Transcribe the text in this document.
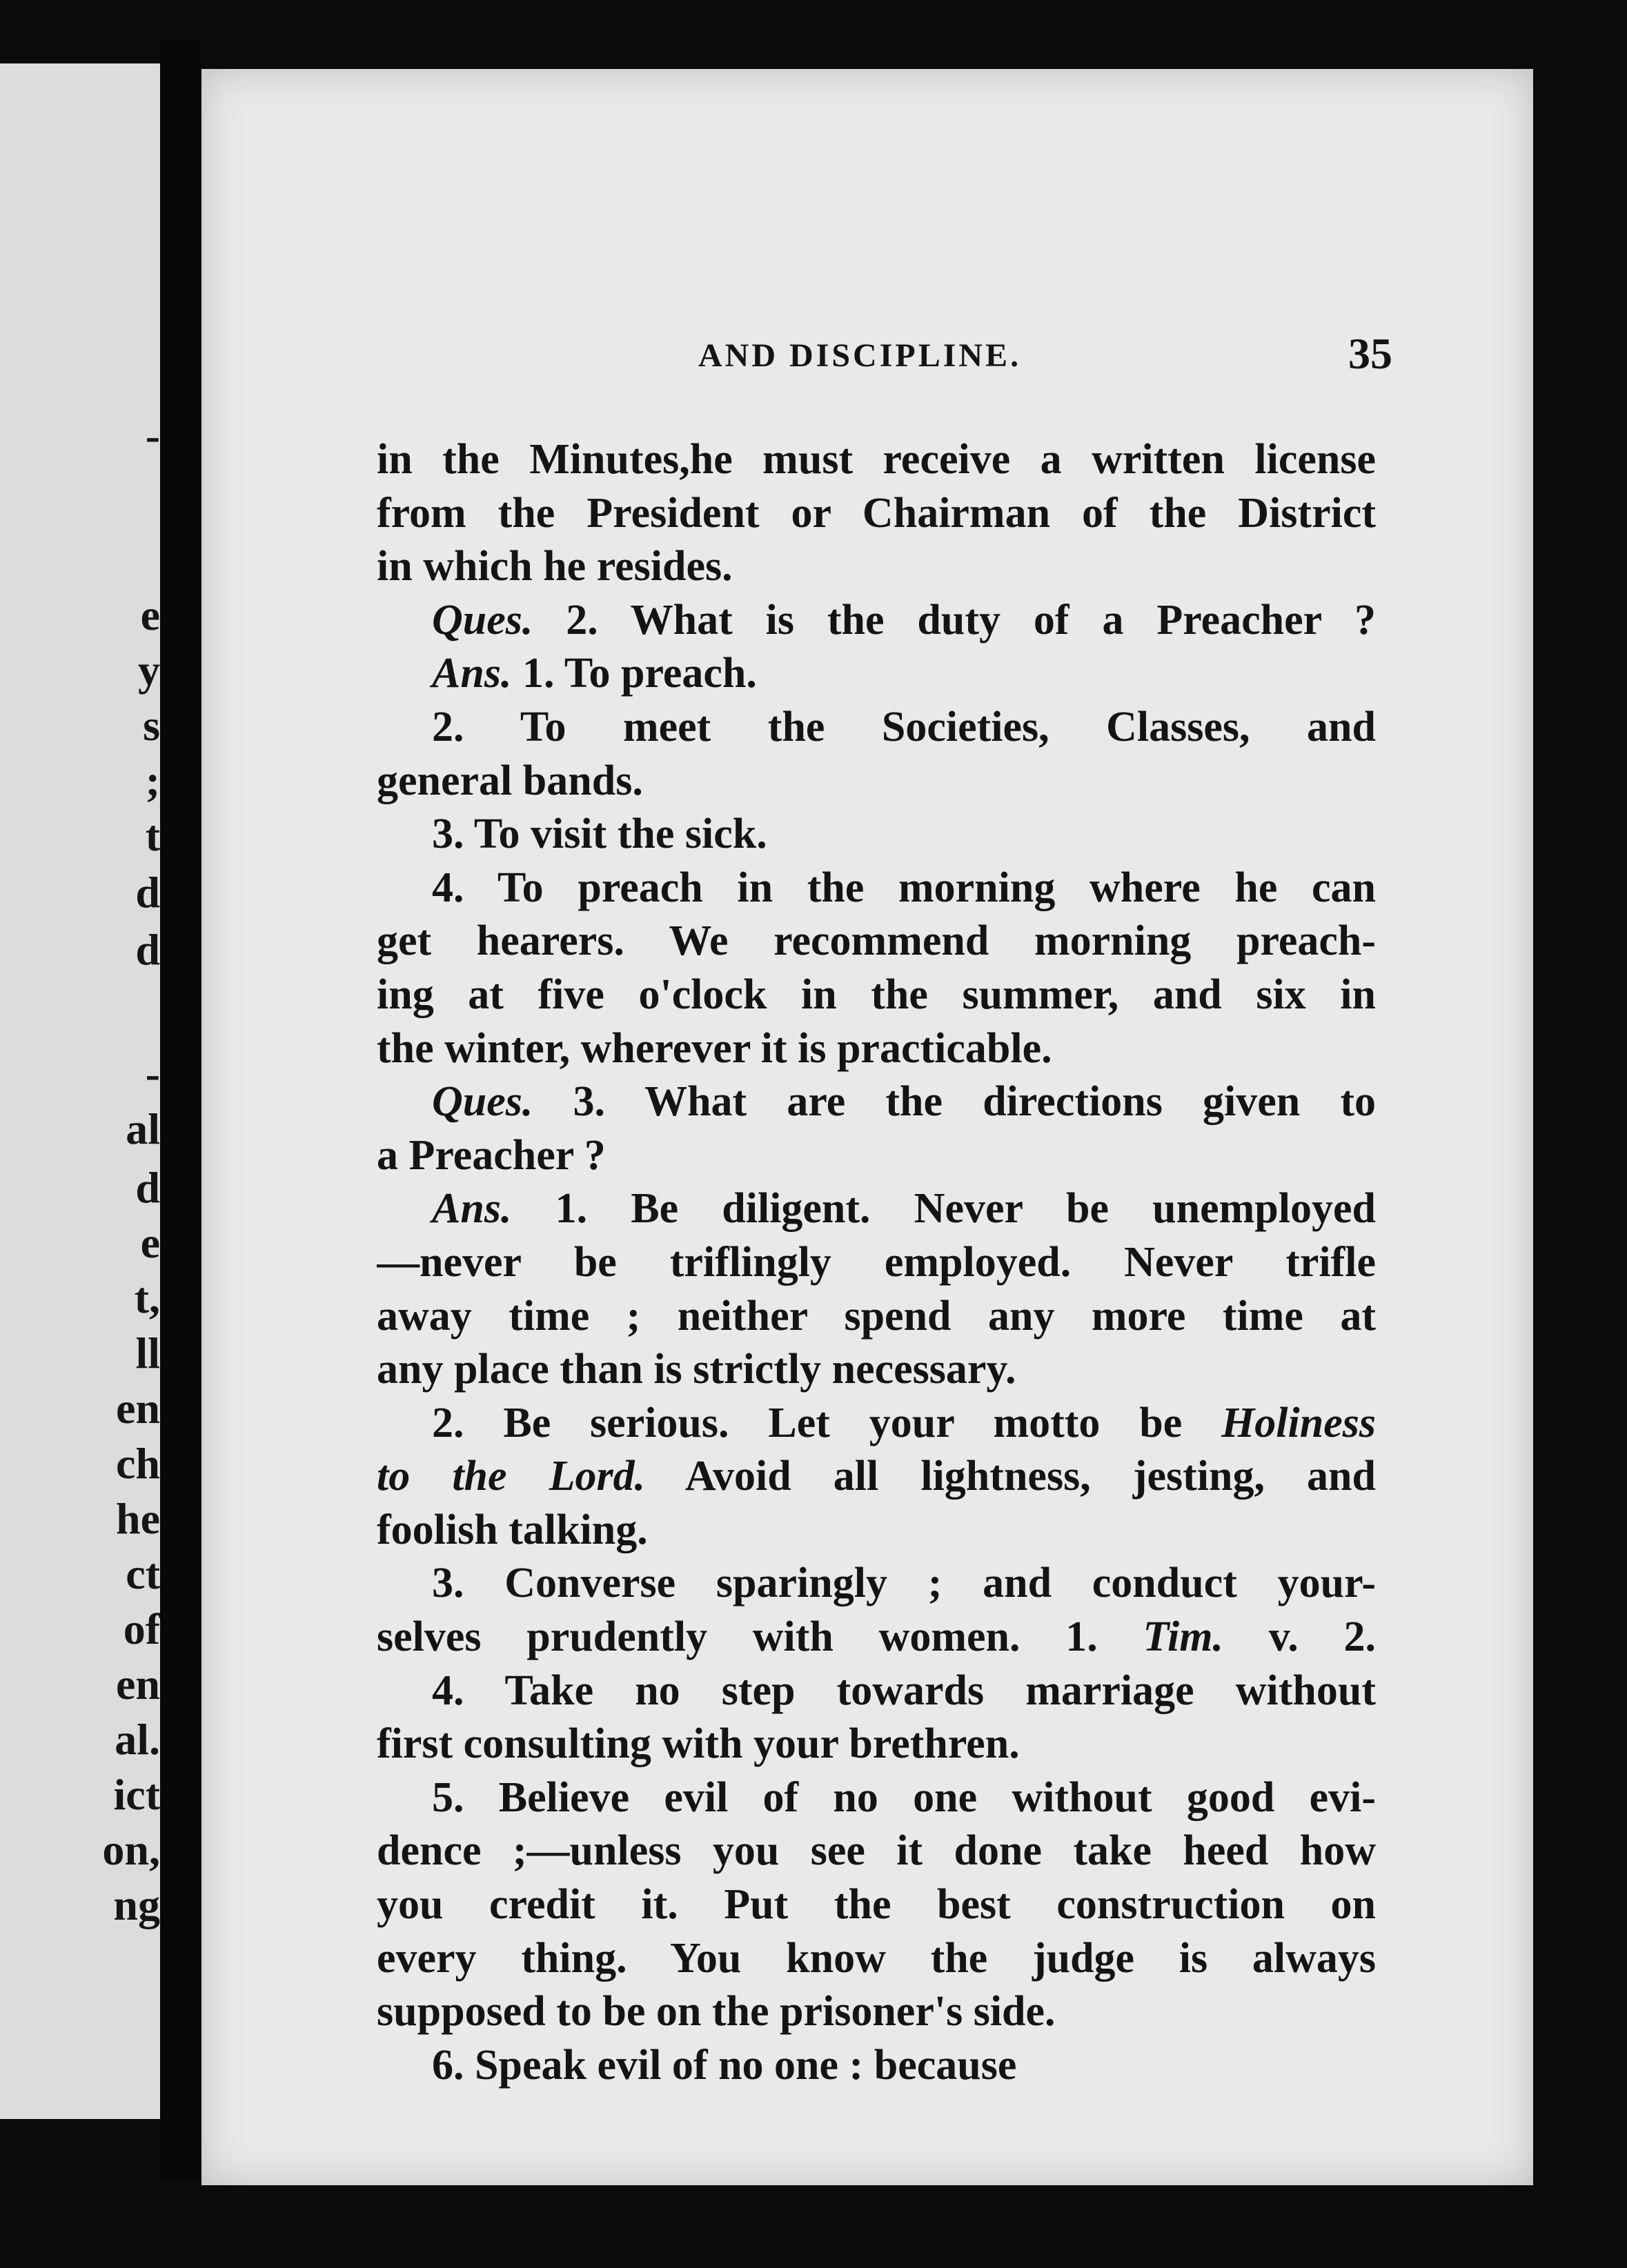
-
e
y
s
;
t
d
d
-
al
d
e
t,
ll
en
ch
he
ct
of
en
al.
ict
on,
ng
AND DISCIPLINE.	35
in the Minutes,he must receive a written license
from the President or Chairman of the District
in which he resides.
Ques. 2. What is the duty of a Preacher ?
Ans. 1. To preach.
2. To meet the Societies, Classes, and
general bands.
3. To visit the sick.
4. To preach in the morning where he can
get hearers. We recommend morning preach-
ing at five o'clock in the summer, and six in
the winter, wherever it is practicable.
Ques. 3. What are the directions given to
a Preacher ?
Ans. 1. Be diligent. Never be unemployed
—never be triflingly employed. Never trifle
away time ; neither spend any more time at
any place than is strictly necessary.
2. Be serious. Let your motto be Holiness
to the Lord. Avoid all lightness, jesting, and
foolish talking.
3. Converse sparingly ; and conduct your-
selves prudently with women. 1. Tim. v. 2.
4. Take no step towards marriage without
first consulting with your brethren.
5. Believe evil of no one without good evi-
dence ;—unless you see it done take heed how
you credit it. Put the best construction on
every thing. You know the judge is always
supposed to be on the prisoner's side.
6. Speak evil of no one : because
